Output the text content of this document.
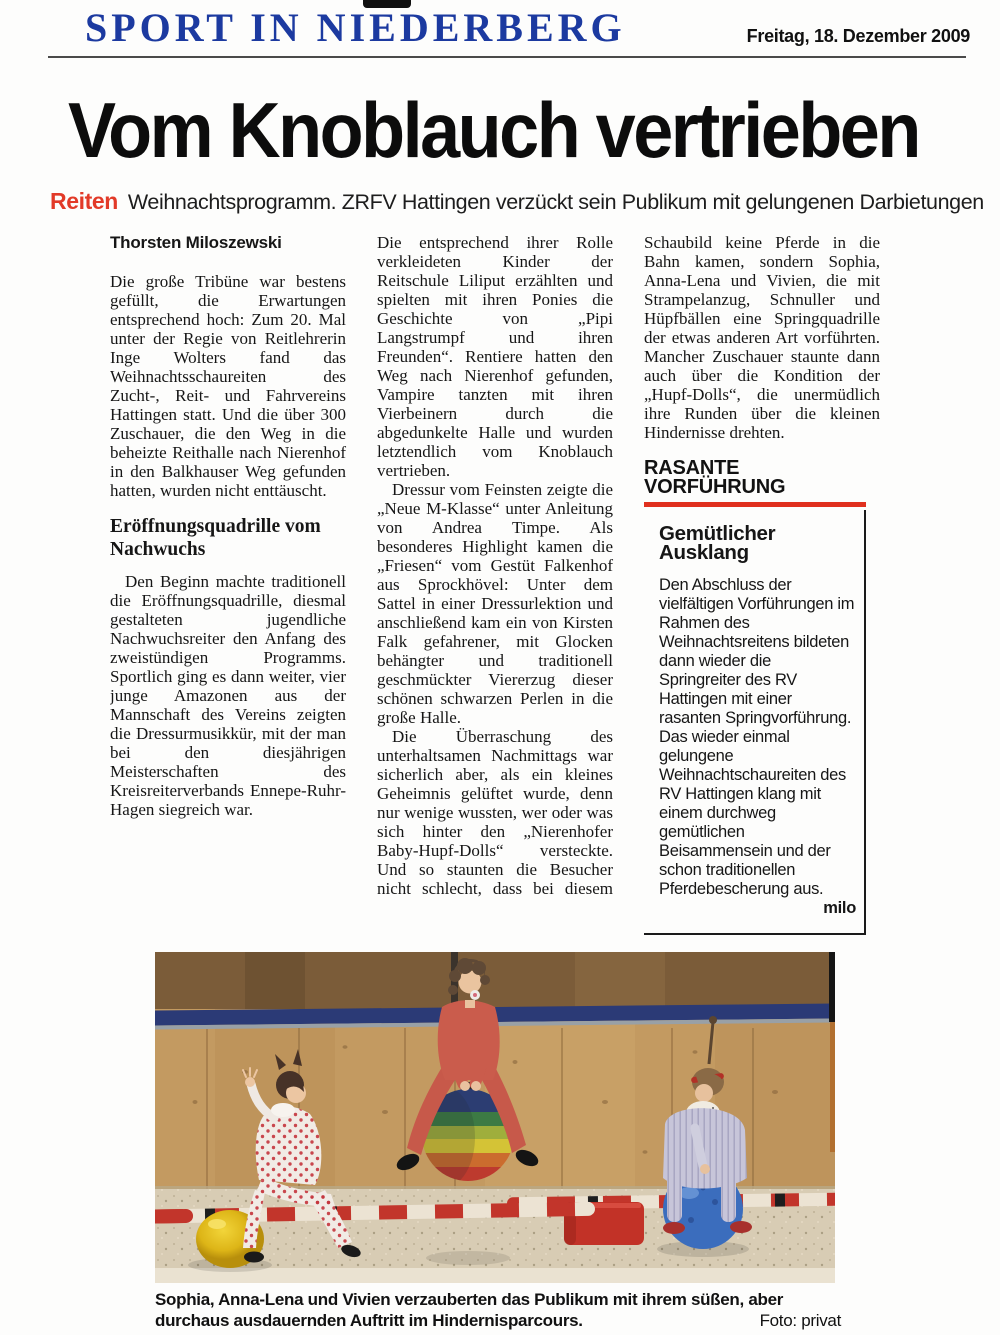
SPORT IN NIEDERBERG	Freitag, 18. Dezember 2009
Vom Knoblauch vertrieben
Reiten Weihnachtsprogramm. ZRFV Hattingen verzückt sein Publikum mit gelungenen Darbietungen
Thorsten Miloszewski

Die große Tribüne war bestens gefüllt, die Erwartungen entsprechend hoch: Zum 20. Mal unter der Regie von Reitlehrerin Inge Wolters fand das Weihnachtsschaureiten des Zucht-, Reit- und Fahrvereins Hattingen statt. Und die über 300 Zuschauer, die den Weg in die beheizte Reithalle nach Nierenhof in den Balkhauser Weg gefunden hatten, wurden nicht enttäuscht.

Eröffnungsquadrille vom Nachwuchs

Den Beginn machte traditionell die Eröffnungsquadrille, diesmal gestalteten jugendliche Nachwuchsreiter den Anfang des zweistündigen Programms. Sportlich ging es dann weiter, vier junge Amazonen aus der Mannschaft des Vereins zeigten die Dressurmusikkür, mit der man bei den diesjährigen Meisterschaften des Kreisreiterverbands Ennepe-Ruhr-Hagen siegreich war.

Die entsprechend ihrer Rolle verkleideten Kinder der Reitschule Liliput erzählten und spielten mit ihren Ponies die Geschichte von „Pipi Langstrumpf und ihren Freunden“. Rentiere hatten den Weg nach Nierenhof gefunden, Vampire tanzten mit ihren Vierbeinern durch die abgedunkelte Halle und wurden letztendlich vom Knoblauch vertrieben.

Dressur vom Feinsten zeigte die „Neue M-Klasse“ unter Anleitung von Andrea Timpe. Als besonderes Highlight kamen die „Friesen“ vom Gestüt Falkenhof aus Sprockhövel: Unter dem Sattel in einer Dressurlektion und anschließend kam ein von Kirsten Falk gefahrener, mit Glocken behängter und traditionell geschmückter Viererzug dieser schönen schwarzen Perlen in die große Halle.

Die Überraschung des unterhaltsamen Nachmittags war sicherlich aber, als ein kleines Geheimnis gelüftet wurde, denn nur wenige wussten, wer oder was sich hinter den „Nierenhofer Baby-Hupf-Dolls“ versteckte. Und so staunten die Besucher nicht schlecht, dass bei diesem

Schaubild keine Pferde in die Bahn kamen, sondern Sophia, Anna-Lena und Vivien, die mit Strampelanzug, Schnuller und Hüpfbällen eine Springquadrille der etwas anderen Art vorführten. Mancher Zuschauer staunte dann auch über die Kondition der „Hupf-Dolls“, die unermüdlich ihre Runden über die kleinen Hindernisse drehten.

RASANTE VORFÜHRUNG
Gemütlicher Ausklang
Den Abschluss der vielfältigen Vorführungen im Rahmen des Weihnachtsreitens bildeten dann wieder die Springreiter des RV Hattingen mit einer rasanten Springvorführung. Das wieder einmal gelungene Weihnachtschaureiten des RV Hattingen klang mit einem durchweg gemütlichen Beisammensein und der schon traditionellen Pferdebescherung aus.
milo
Sophia, Anna-Lena und Vivien verzauberten das Publikum mit ihrem süßen, aber durchaus ausdauernden Auftritt im Hindernisparcours.	Foto: privat
